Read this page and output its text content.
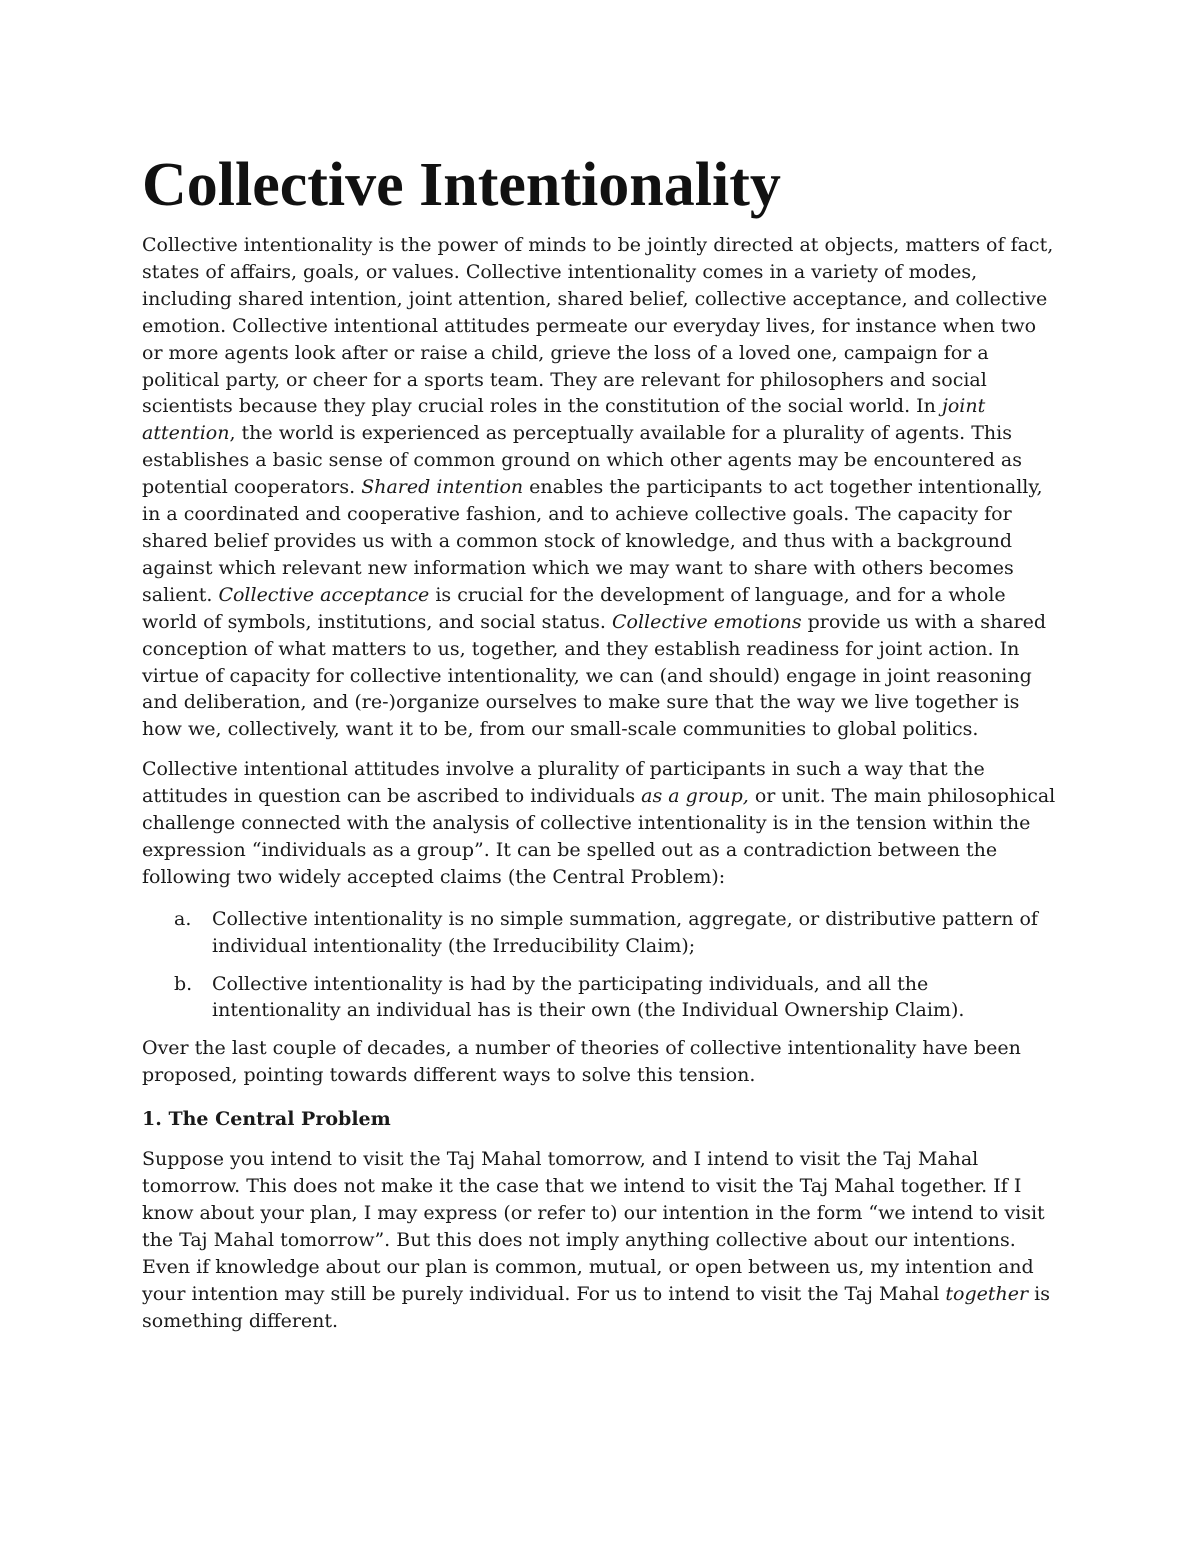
Collective Intentionality

Collective intentionality is the power of minds to be jointly directed at objects, matters of fact, states of affairs, goals, or values. Collective intentionality comes in a variety of modes, including shared intention, joint attention, shared belief, collective acceptance, and collective emotion. Collective intentional attitudes permeate our everyday lives, for instance when two or more agents look after or raise a child, grieve the loss of a loved one, campaign for a political party, or cheer for a sports team. They are relevant for philosophers and social scientists because they play crucial roles in the constitution of the social world. In joint attention, the world is experienced as perceptually available for a plurality of agents. This establishes a basic sense of common ground on which other agents may be encountered as potential cooperators. Shared intention enables the participants to act together intentionally, in a coordinated and cooperative fashion, and to achieve collective goals. The capacity for shared belief provides us with a common stock of knowledge, and thus with a background against which relevant new information which we may want to share with others becomes salient. Collective acceptance is crucial for the development of language, and for a whole world of symbols, institutions, and social status. Collective emotions provide us with a shared conception of what matters to us, together, and they establish readiness for joint action. In virtue of capacity for collective intentionality, we can (and should) engage in joint reasoning and deliberation, and (re-)organize ourselves to make sure that the way we live together is how we, collectively, want it to be, from our small-scale communities to global politics.

Collective intentional attitudes involve a plurality of participants in such a way that the attitudes in question can be ascribed to individuals as a group, or unit. The main philosophical challenge connected with the analysis of collective intentionality is in the tension within the expression “individuals as a group”. It can be spelled out as a contradiction between the following two widely accepted claims (the Central Problem):

a. Collective intentionality is no simple summation, aggregate, or distributive pattern of individual intentionality (the Irreducibility Claim);
b. Collective intentionality is had by the participating individuals, and all the intentionality an individual has is their own (the Individual Ownership Claim).

Over the last couple of decades, a number of theories of collective intentionality have been proposed, pointing towards different ways to solve this tension.

1. The Central Problem

Suppose you intend to visit the Taj Mahal tomorrow, and I intend to visit the Taj Mahal tomorrow. This does not make it the case that we intend to visit the Taj Mahal together. If I know about your plan, I may express (or refer to) our intention in the form “we intend to visit the Taj Mahal tomorrow”. But this does not imply anything collective about our intentions. Even if knowledge about our plan is common, mutual, or open between us, my intention and your intention may still be purely individual. For us to intend to visit the Taj Mahal together is something different.
